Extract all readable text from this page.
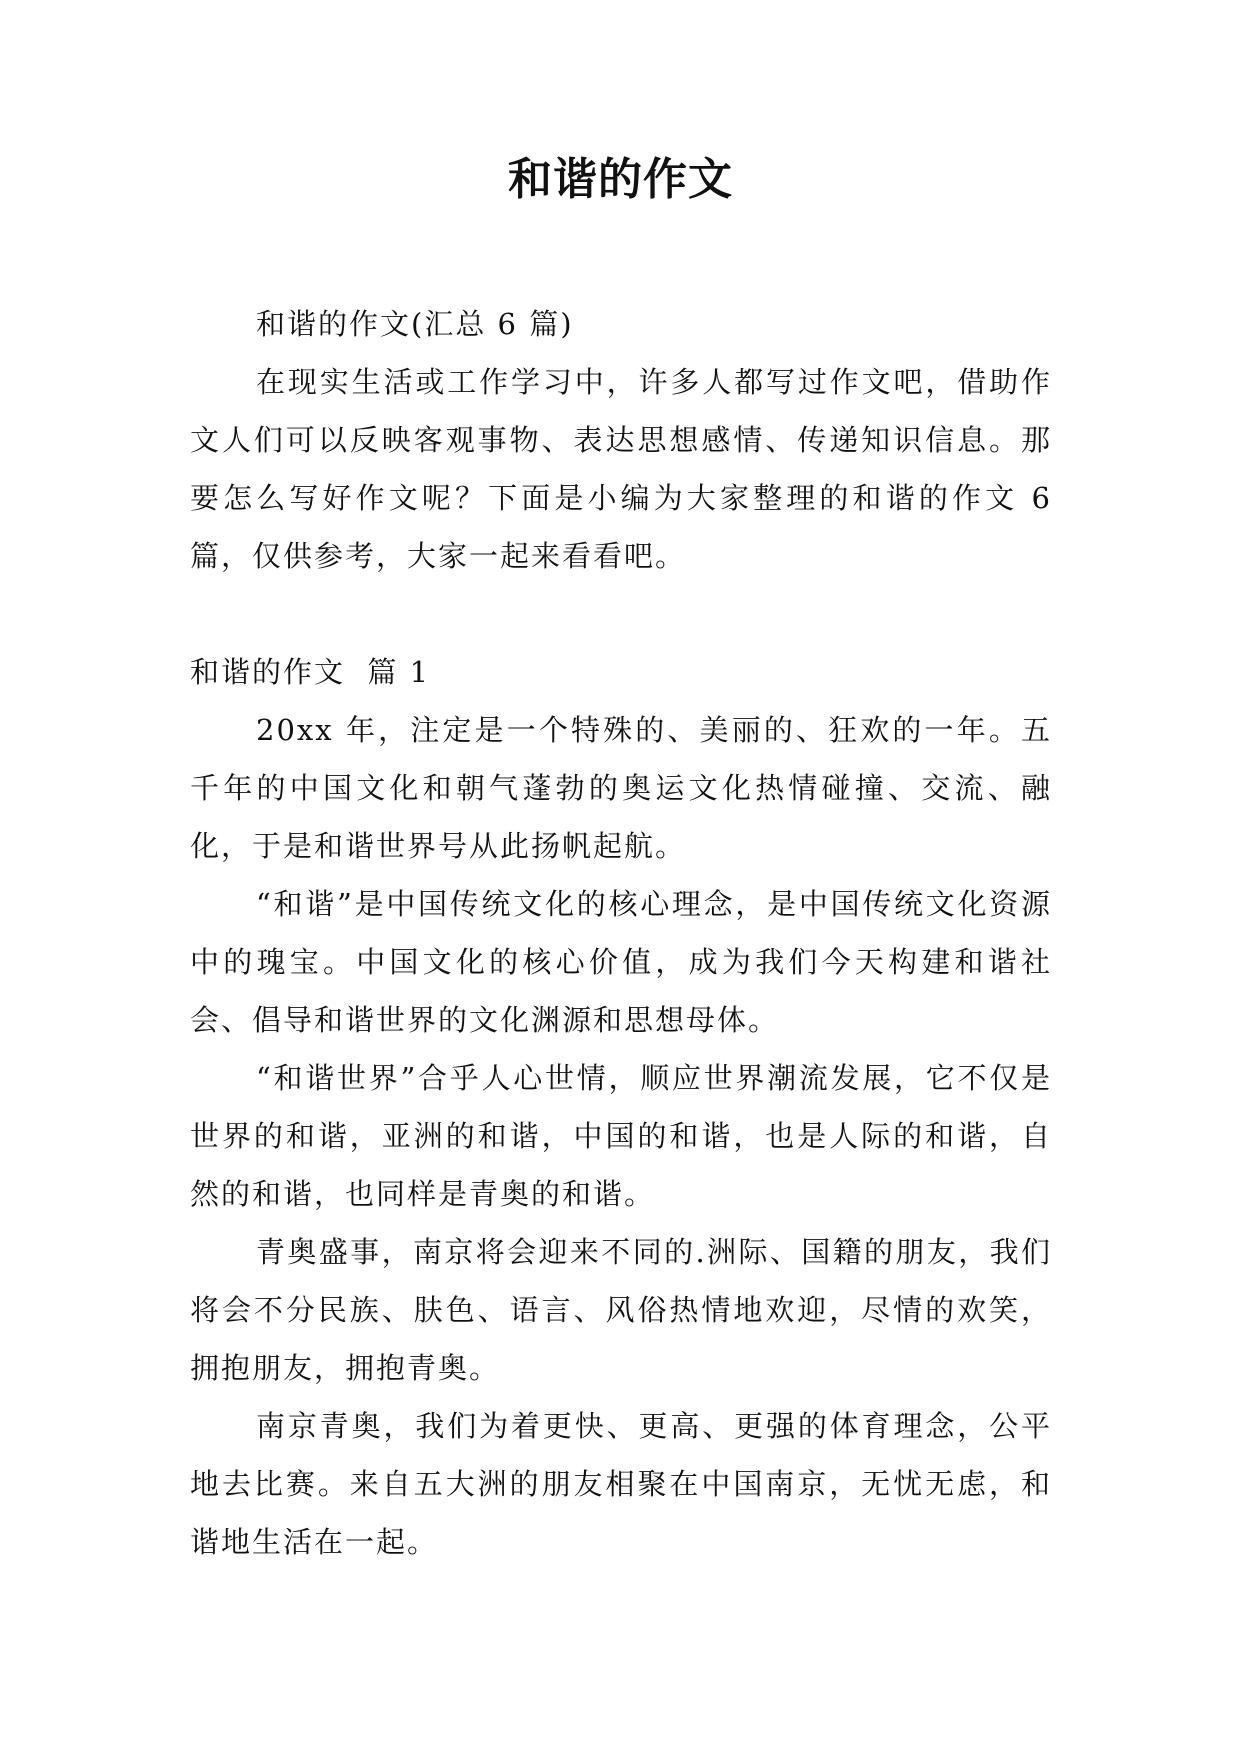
和谐的作文

和谐的作文(汇总 6 篇)

在现实生活或工作学习中，许多人都写过作文吧，借助作文人们可以反映客观事物、表达思想感情、传递知识信息。那要怎么写好作文呢？下面是小编为大家整理的和谐的作文 6 篇，仅供参考，大家一起来看看吧。

和谐的作文  篇 1

20xx 年，注定是一个特殊的、美丽的、狂欢的一年。五千年的中国文化和朝气蓬勃的奥运文化热情碰撞、交流、融化，于是和谐世界号从此扬帆起航。

“和谐”是中国传统文化的核心理念，是中国传统文化资源中的瑰宝。中国文化的核心价值，成为我们今天构建和谐社会、倡导和谐世界的文化渊源和思想母体。

“和谐世界”合乎人心世情，顺应世界潮流发展，它不仅是世界的和谐，亚洲的和谐，中国的和谐，也是人际的和谐，自然的和谐，也同样是青奥的和谐。

青奥盛事，南京将会迎来不同的.洲际、国籍的朋友，我们将会不分民族、肤色、语言、风俗热情地欢迎，尽情的欢笑，拥抱朋友，拥抱青奥。

南京青奥，我们为着更快、更高、更强的体育理念，公平地去比赛。来自五大洲的朋友相聚在中国南京，无忧无虑，和谐地生活在一起。
